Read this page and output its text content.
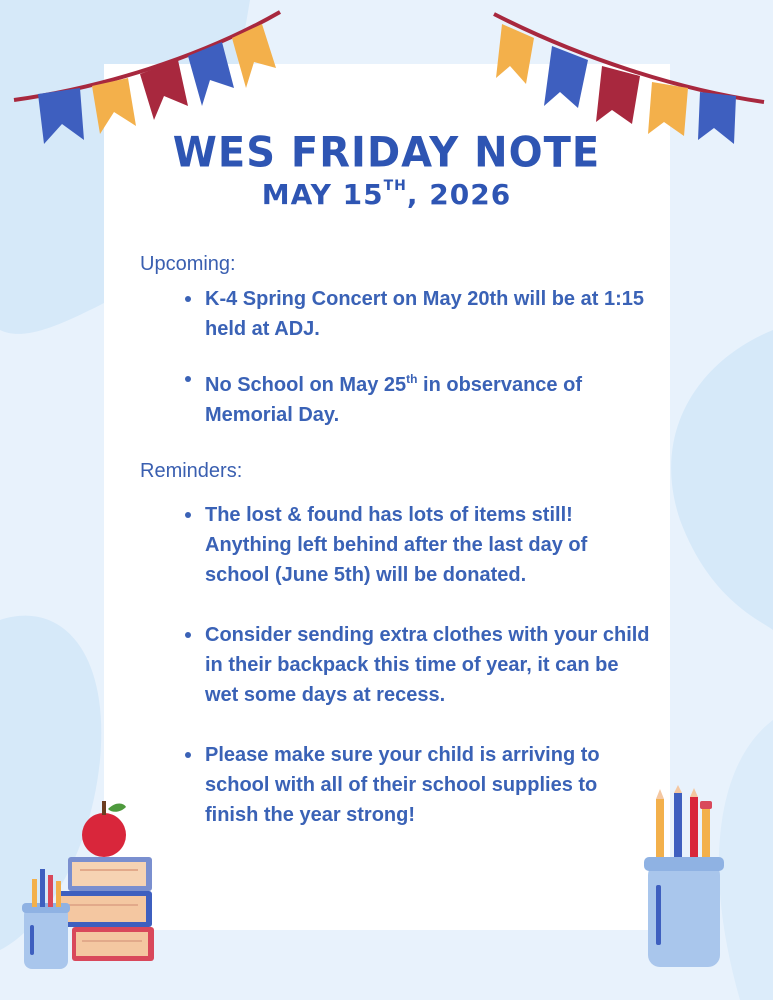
WES FRIDAY NOTE
MAY 15TH, 2026

Upcoming:

K-4 Spring Concert on May 20th will be at 1:15 held at ADJ.
No School on May 25th in observance of Memorial Day.

Reminders:

The lost & found has lots of items still! Anything left behind after the last day of school (June 5th) will be donated.
Consider sending extra clothes with your child in their backpack this time of year, it can be wet some days at recess.
Please make sure your child is arriving to school with all of their school supplies to finish the year strong!
